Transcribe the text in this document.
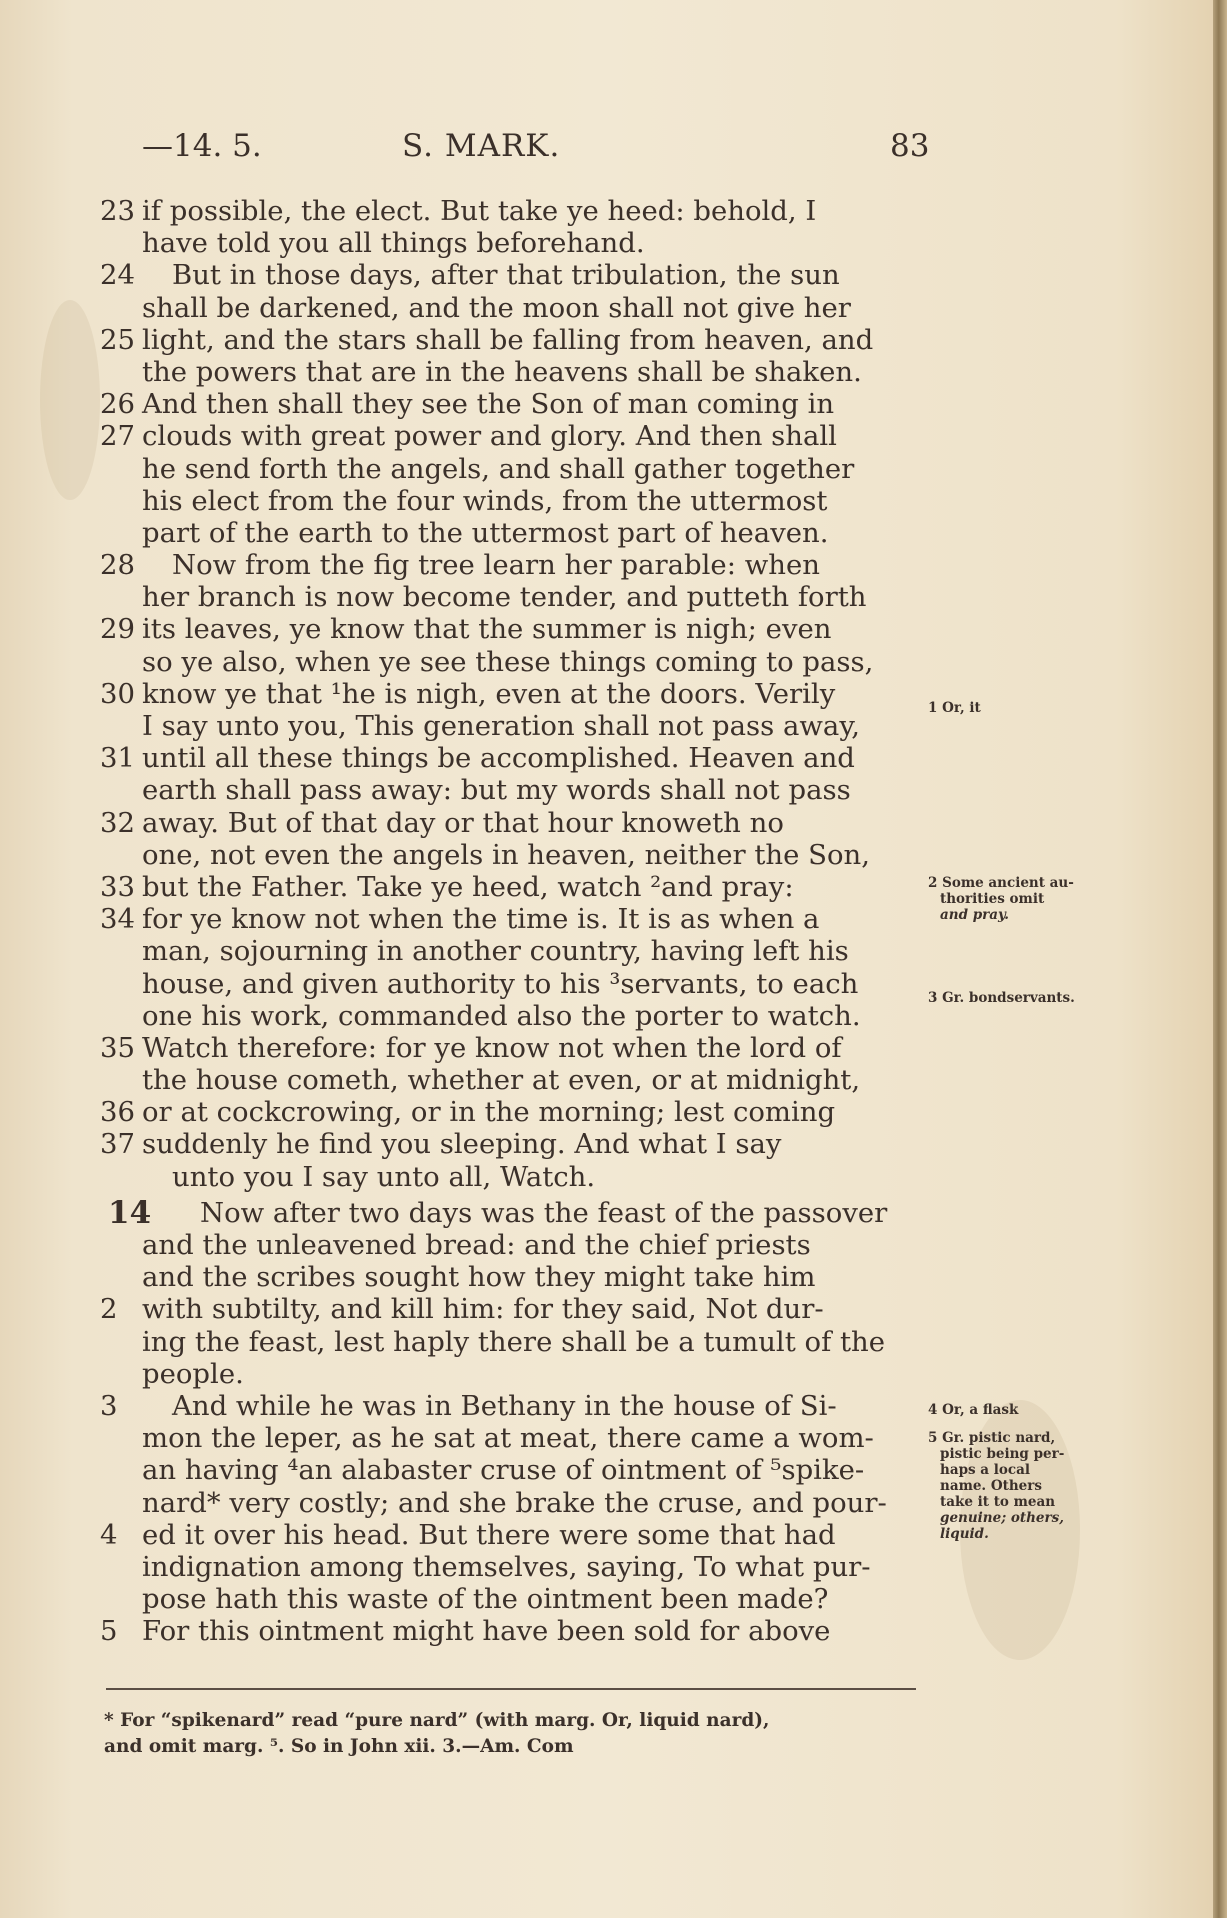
—14. 5.	S. MARK.	83
23 if possible, the elect. But take ye heed: behold, I
have told you all things beforehand.
24 But in those days, after that tribulation, the sun
shall be darkened, and the moon shall not give her
25 light, and the stars shall be falling from heaven, and
the powers that are in the heavens shall be shaken.
26 And then shall they see the Son of man coming in
27 clouds with great power and glory. And then shall
he send forth the angels, and shall gather together
his elect from the four winds, from the uttermost
part of the earth to the uttermost part of heaven.
28 Now from the fig tree learn her parable: when
her branch is now become tender, and putteth forth
29 its leaves, ye know that the summer is nigh; even
so ye also, when ye see these things coming to pass,
30 know ye that ¹he is nigh, even at the doors. Verily
I say unto you, This generation shall not pass away,
31 until all these things be accomplished. Heaven and
earth shall pass away: but my words shall not pass
32 away. But of that day or that hour knoweth no
one, not even the angels in heaven, neither the Son,
33 but the Father. Take ye heed, watch ²and pray:
34 for ye know not when the time is. It is as when a
man, sojourning in another country, having left his
house, and given authority to his ³servants, to each
one his work, commanded also the porter to watch.
35 Watch therefore: for ye know not when the lord of
the house cometh, whether at even, or at midnight,
36 or at cockcrowing, or in the morning; lest coming
37 suddenly he find you sleeping. And what I say
unto you I say unto all, Watch.
14 Now after two days was the feast of the passover
and the unleavened bread: and the chief priests
and the scribes sought how they might take him
2 with subtilty, and kill him: for they said, Not dur-
ing the feast, lest haply there shall be a tumult of the
people.
3	And while he was in Bethany in the house of Si-
mon the leper, as he sat at meat, there came a wom-
an having ⁴an alabaster cruse of ointment of ⁵spike-
nard* very costly; and she brake the cruse, and pour-
4 ed it over his head. But there were some that had
indignation among themselves, saying, To what pur-
pose hath this waste of the ointment been made?
5 For this ointment might have been sold for above
1 Or, it
2 Some ancient au-
thorities omit
and pray.
3 Gr. bondservants.
4 Or, a flask
5 Gr. pistic nard,
pistic being per-
haps a local
name. Others
take it to mean
genuine; others,
liquid.
* For “spikenard” read “pure nard” (with marg. Or, liquid nard),
and omit marg. ⁵. So in John xii. 3.—Am. Com
